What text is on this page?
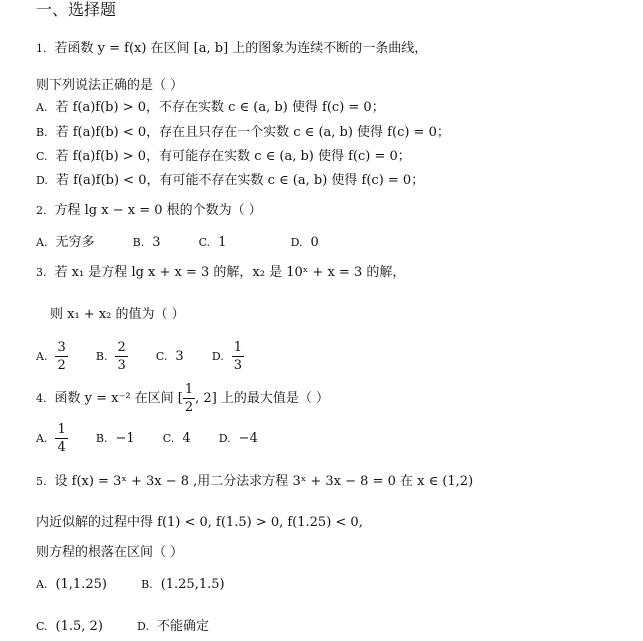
一、选择题
1. 若函数 y = f(x) 在区间 [a, b] 上的图象为连续不断的一条曲线，
则下列说法正确的是（ ）
A. 若 f(a)f(b) > 0，不存在实数 c ∈ (a, b) 使得 f(c) = 0；
B. 若 f(a)f(b) < 0，存在且只存在一个实数 c ∈ (a, b) 使得 f(c) = 0；
C. 若 f(a)f(b) > 0，有可能存在实数 c ∈ (a, b) 使得 f(c) = 0；
D. 若 f(a)f(b) < 0，有可能不存在实数 c ∈ (a, b) 使得 f(c) = 0；
2. 方程 lg x − x = 0 根的个数为（ ）
A. 无穷多	B. 3	C. 1	D. 0
3. 若 x₁ 是方程 lg x + x = 3 的解，x₂ 是 10ˣ + x = 3 的解，
则 x₁ + x₂ 的值为（ ）
A. $\frac{3}{2}$	B. $\frac{2}{3}$	C. 3	D. $\frac{1}{3}$
4. 函数 y = x⁻² 在区间 [ $\frac{1}{2}$ , 2] 上的最大值是（ ）
A. $\frac{1}{4}$	B. −1	C. 4	D. −4
5. 设 f(x) = 3ˣ + 3x − 8 ,用二分法求方程 3ˣ + 3x − 8 = 0 在 x ∈ (1,2)
内近似解的过程中得 f(1) < 0, f(1.5) > 0, f(1.25) < 0,
则方程的根落在区间（ ）
A. (1,1.25)	B. (1.25,1.5)
C. (1.5, 2)	D. 不能确定
